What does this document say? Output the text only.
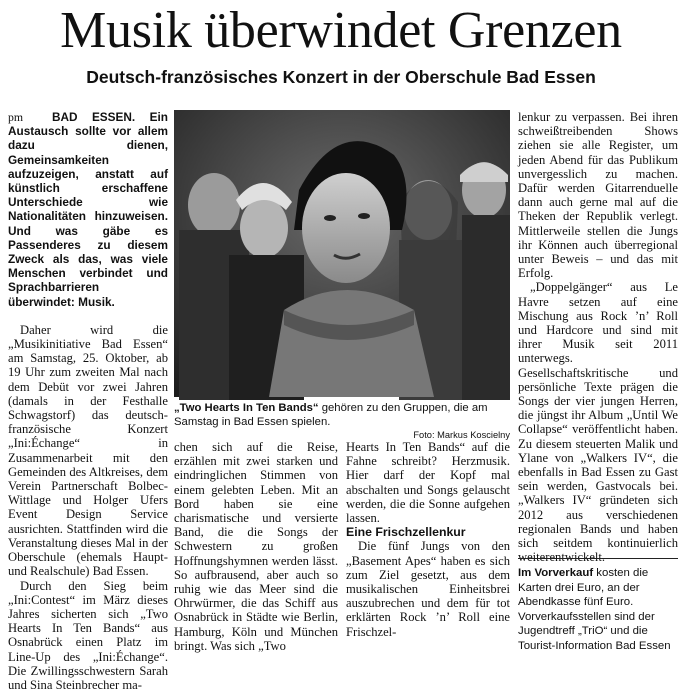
Musik überwindet Grenzen
Deutsch-französisches Konzert in der Oberschule Bad Essen

pm BAD ESSEN. Ein Austausch sollte vor allem dazu dienen, Gemeinsamkeiten aufzuzeigen, anstatt auf künstlich erschaffene Unterschiede wie Nationalitäten hinzuweisen. Und was gäbe es Passenderes zu diesem Zweck als das, was viele Menschen verbindet und Sprachbarrieren überwindet: Musik.

Daher wird die „Musikinitiative Bad Essen“ am Samstag, 25. Oktober, ab 19 Uhr zum zweiten Mal nach dem Debüt vor zwei Jahren (damals in der Festhalle Schwagstorf) das deutsch-französische Konzert „Ini:Échange“ in Zusammenarbeit mit den Gemeinden des Altkreises, dem Verein Partnerschaft Bolbec-Wittlage und Holger Ufers Event Design Service ausrichten. Stattfinden wird die Veranstaltung dieses Mal in der Oberschule (ehemals Haupt- und Realschule) Bad Essen.

Durch den Sieg beim „Ini:Contest“ im März dieses Jahres sicherten sich „Two Hearts In Ten Bands“ aus Osnabrück einen Platz im Line-Up des „Ini:Échange“. Die Zwillingsschwestern Sarah und Sina Steinbrecher ma-

„Two Hearts In Ten Bands“ gehören zu den Gruppen, die am Samstag in Bad Essen spielen.
Foto: Markus Koscielny

chen sich auf die Reise, erzählen mit zwei starken und eindringlichen Stimmen von einem gelebten Leben. Mit an Bord haben sie eine charismatische und versierte Band, die die Songs der Schwestern zu großen Hoffnungshymnen werden lässt. So aufbrausend, aber auch so ruhig wie das Meer sind die Ohrwürmer, die das Schiff aus Osnabrück in Städte wie Berlin, Hamburg, Köln und München bringt. Was sich „Two

Hearts In Ten Bands“ auf die Fahne schreibt? Herzmusik. Hier darf der Kopf mal abschalten und Songs gelauscht werden, die die Sonne aufgehen lassen.

Eine Frischzellenkur

Die fünf Jungs von den „Basement Apes“ haben es sich zum Ziel gesetzt, aus dem musikalischen Einheitsbrei auszubrechen und dem für tot erklärten Rock ’n’ Roll eine Frischzel-

lenkur zu verpassen. Bei ihren schweißtreibenden Shows ziehen sie alle Register, um jeden Abend für das Publikum unvergesslich zu machen. Dafür werden Gitarrenduelle dann auch gerne mal auf die Theken der Republik verlegt. Mittlerweile stellen die Jungs ihr Können auch überregional unter Beweis – und das mit Erfolg.

„Doppelgänger“ aus Le Havre setzen auf eine Mischung aus Rock ’n’ Roll und Hardcore und sind mit ihrer Musik seit 2011 unterwegs. Gesellschaftskritische und persönliche Texte prägen die Songs der vier jungen Herren, die jüngst ihr Album „Until We Collapse“ veröffentlicht haben. Zu diesem steuerten Malik und Ylane von „Walkers IV“, die ebenfalls in Bad Essen zu Gast sein werden, Gastvocals bei. „Walkers IV“ gründeten sich 2012 aus verschiedenen regionalen Bands und haben sich seitdem kontinuierlich weiterentwickelt.

Im Vorverkauf kosten die Karten drei Euro, an der Abendkasse fünf Euro. Vorverkaufsstellen sind der Jugendtreff „TriO“ und die Tourist-Information Bad Essen
